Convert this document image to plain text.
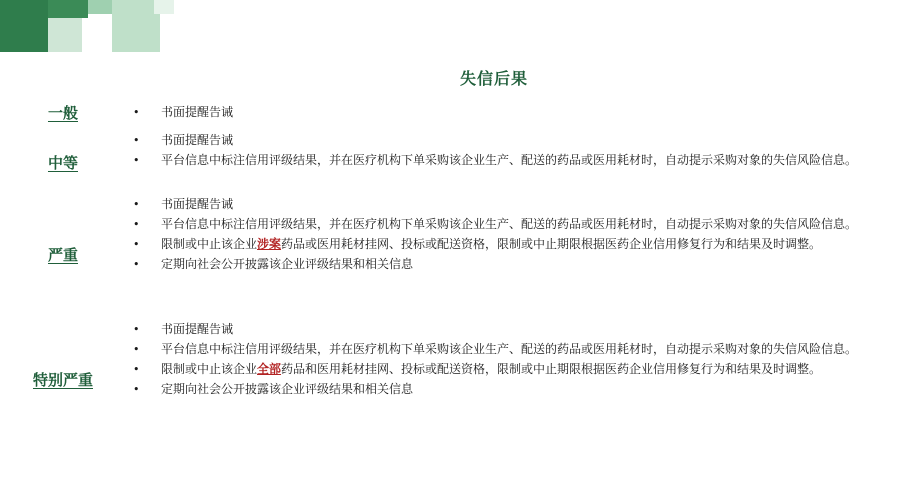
失信后果
一般	• 书面提醒告诫
中等
• 书面提醒告诫
• 平台信息中标注信用评级结果，并在医疗机构下单采购该企业生产、配送的药品或医用耗材时，自动提示采购对象的失信风险信息。
严重
• 书面提醒告诫
• 平台信息中标注信用评级结果，并在医疗机构下单采购该企业生产、配送的药品或医用耗材时，自动提示采购对象的失信风险信息。
• 限制或中止该企业涉案药品或医用耗材挂网、投标或配送资格，限制或中止期限根据医药企业信用修复行为和结果及时调整。
• 定期向社会公开披露该企业评级结果和相关信息
特别严重
• 书面提醒告诫
• 平台信息中标注信用评级结果，并在医疗机构下单采购该企业生产、配送的药品或医用耗材时，自动提示采购对象的失信风险信息。
• 限制或中止该企业全部药品和医用耗材挂网、投标或配送资格，限制或中止期限根据医药企业信用修复行为和结果及时调整。
• 定期向社会公开披露该企业评级结果和相关信息
